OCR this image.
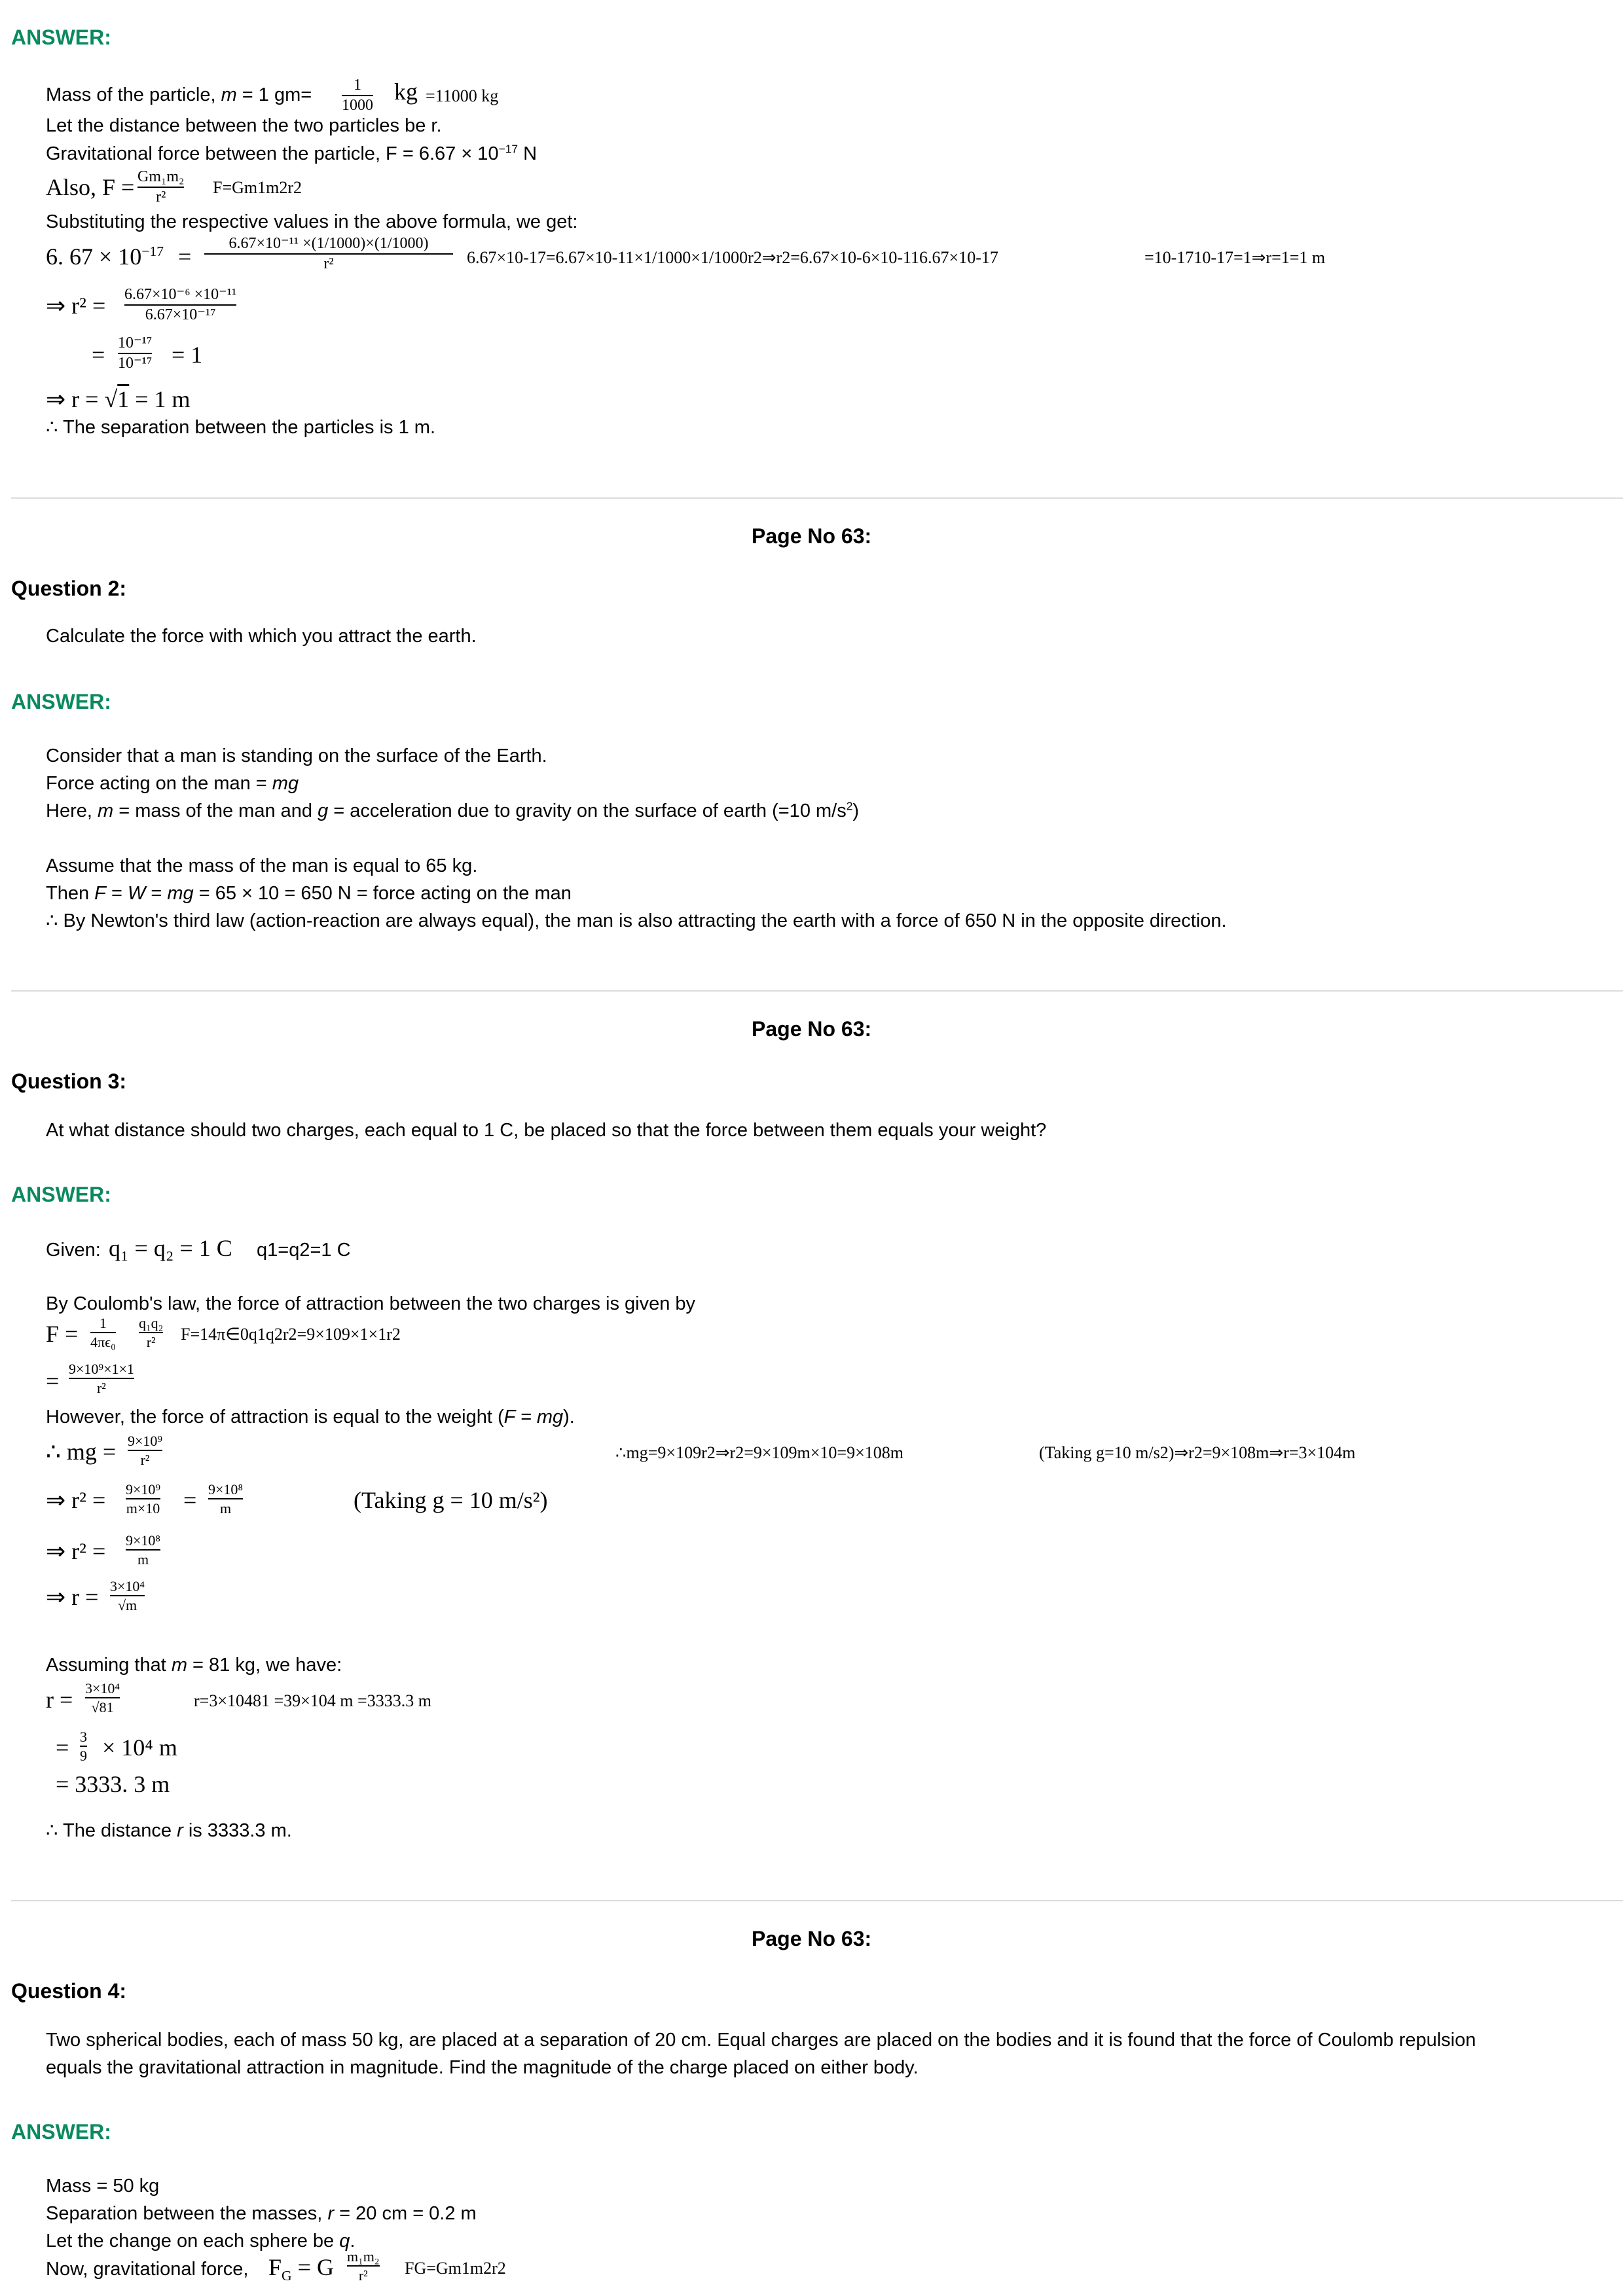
ANSWER:
Mass of the particle, m = 1 gm=	1
1000
kg =11000 kg
Let the distance between the two particles be r.
Gravitational force between the particle, $F = 6.67 \times 10^{-17}$ N
Also, F = Gm₁m₂
r²
F=Gm1m2r2
Substituting the respective values in the above formula, we get:
6. $67 \times 10^{-17} = 6.67\times 10^{-11} \times(1/1000)\times(1/1000)$
r²	6.67×10-17=6.67×10-11×1/1000×1/1000r2⇒r2=6.67×10-6×10-116.67×10-17	=10-1710-17=1⇒r=1=1 m
⇒ r² = 6.67×10⁻⁶ ×10⁻¹¹
6.67×10⁻¹⁷
= 10⁻¹⁷
10⁻¹⁷ = 1
⇒ r = √1 = 1 m
∴ The separation between the particles is 1 m.
Page No 63:
Question 2:
Calculate the force with which you attract the earth.
ANSWER:
Consider that a man is standing on the surface of the Earth.
Force acting on the man = mg
Here, m = mass of the man and g = acceleration due to gravity on the surface of earth (=10 $m/s^2$)
Assume that the mass of the man is equal to 65 kg.
Then F = W = mg = 65 × 10 = 650 N = force acting on the man
∴ By Newton's third law (action-reaction are always equal), the man is also attracting the earth with a force of 650 N in the opposite direction.
Page No 63:
Question 3:
At what distance should two charges, each equal to 1 C, be placed so that the force between them equals your weight?
ANSWER:
Given: q₁ = q₂ = 1 C q1=q2=1 C
By Coulomb's law, the force of attraction between the two charges is given by
F = 1
4πϵ₀
q₁q₂
r² F=14π∈0q1q2r2=9×109×1×1r2
= 9×10⁹×1×1
r²
However, the force of attraction is equal to the weight (F = mg).
∴ mg = 9×10⁹
r²	∴mg=9×109r2⇒r2=9×109m×10=9×108m	(Taking g=10 m/s2)⇒r2=9×108m⇒r=3×104m
⇒ r² = 9×10⁹
m×10 = 9×10⁸
m	(Taking g = 10 m/s²)
⇒ r² = 9×10⁸
m
⇒ r = 3×10⁴
√m
Assuming that m = 81 kg, we have:
r = 3×10⁴
√81	r=3×10481 =39×104 m =3333.3 m
= 3
9 × 10⁴ m
= 3333. 3 m
∴ The distance r is 3333.3 m.
Page No 63:
Question 4:
Two spherical bodies, each of mass 50 kg, are placed at a separation of 20 cm. Equal charges are placed on the bodies and it is found that the force of Coulomb repulsion
equals the gravitational attraction in magnitude. Find the magnitude of the charge placed on either body.
ANSWER:
Mass = 50 kg
Separation between the masses, r = 20 cm = 0.2 m
Let the change on each sphere be q.
Now, gravitational force, $F_G = G$ m₁m₂
r² FG=Gm1m2r2
